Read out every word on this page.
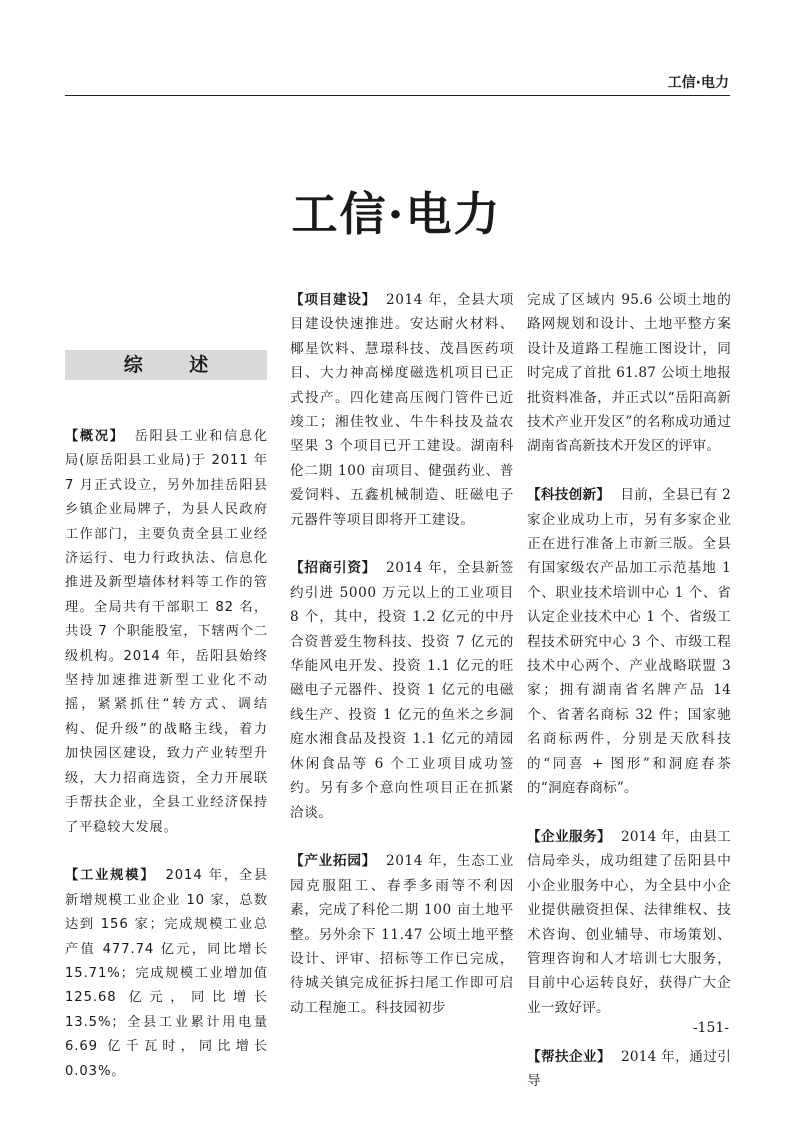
工信·电力
工信·电力
综 述

【概况】 岳阳县工业和信息化局(原岳阳县工业局)于 2011 年 7 月正式设立，另外加挂岳阳县乡镇企业局牌子，为县人民政府工作部门，主要负责全县工业经济运行、电力行政执法、信息化推进及新型墙体材料等工作的管理。全局共有干部职工 82 名，共设 7 个职能股室，下辖两个二级机构。2014 年，岳阳县始终坚持加速推进新型工业化不动摇，紧紧抓住“转方式、调结构、促升级”的战略主线，着力加快园区建设，致力产业转型升级，大力招商选资，全力开展联手帮扶企业，全县工业经济保持了平稳较大发展。

【工业规模】 2014 年，全县新增规模工业企业 10 家，总数达到 156 家；完成规模工业总产值 477.74 亿元，同比增长 15.71%；完成规模工业增加值 125.68 亿元，同比增长 13.5%；全县工业累计用电量 6.69 亿千瓦时，同比增长 0.03%。

【项目建设】 2014 年，全县大项目建设快速推进。安达耐火材料、椰星饮料、慧璟科技、茂昌医药项目、大力神高梯度磁选机项目已正式投产。四化建高压阀门管件已近竣工；湘佳牧业、牛牛科技及益农坚果 3 个项目已开工建设。湖南科伦二期 100 亩项目、健强药业、普爱饲料、五鑫机械制造、旺磁电子元器件等项目即将开工建设。

【招商引资】 2014 年，全县新签约引进 5000 万元以上的工业项目 8 个，其中，投资 1.2 亿元的中丹合资普爱生物科技、投资 7 亿元的华能风电开发、投资 1.1 亿元的旺磁电子元器件、投资 1 亿元的电磁线生产、投资 1 亿元的鱼米之乡洞庭水湘食品及投资 1.1 亿元的靖园休闲食品等 6 个工业项目成功签约。另有多个意向性项目正在抓紧洽谈。

【产业拓园】 2014 年，生态工业园克服阻工、春季多雨等不利因素，完成了科伦二期 100 亩土地平整。另外余下 11.47 公顷土地平整设计、评审、招标等工作已完成，待城关镇完成征拆扫尾工作即可启动工程施工。科技园初步

完成了区域内 95.6 公顷土地的路网规划和设计、土地平整方案设计及道路工程施工图设计，同时完成了首批 61.87 公顷土地报批资料准备，并正式以“岳阳高新技术产业开发区”的名称成功通过湖南省高新技术开发区的评审。

【科技创新】 目前，全县已有 2 家企业成功上市，另有多家企业正在进行准备上市新三版。全县有国家级农产品加工示范基地 1 个、职业技术培训中心 1 个、省认定企业技术中心 1 个、省级工程技术研究中心 3 个、市级工程技术中心两个、产业战略联盟 3 家；拥有湖南省名牌产品 14 个、省著名商标 32 件；国家驰名商标两件，分别是天欣科技的“同喜 + 图形”和洞庭春茶的“洞庭春商标”。

【企业服务】 2014 年，由县工信局牵头，成功组建了岳阳县中小企业服务中心，为全县中小企业提供融资担保、法律维权、技术咨询、创业辅导、市场策划、管理咨询和人才培训七大服务，目前中心运转良好，获得广大企业一致好评。

【帮扶企业】 2014 年，通过引导

-151-
